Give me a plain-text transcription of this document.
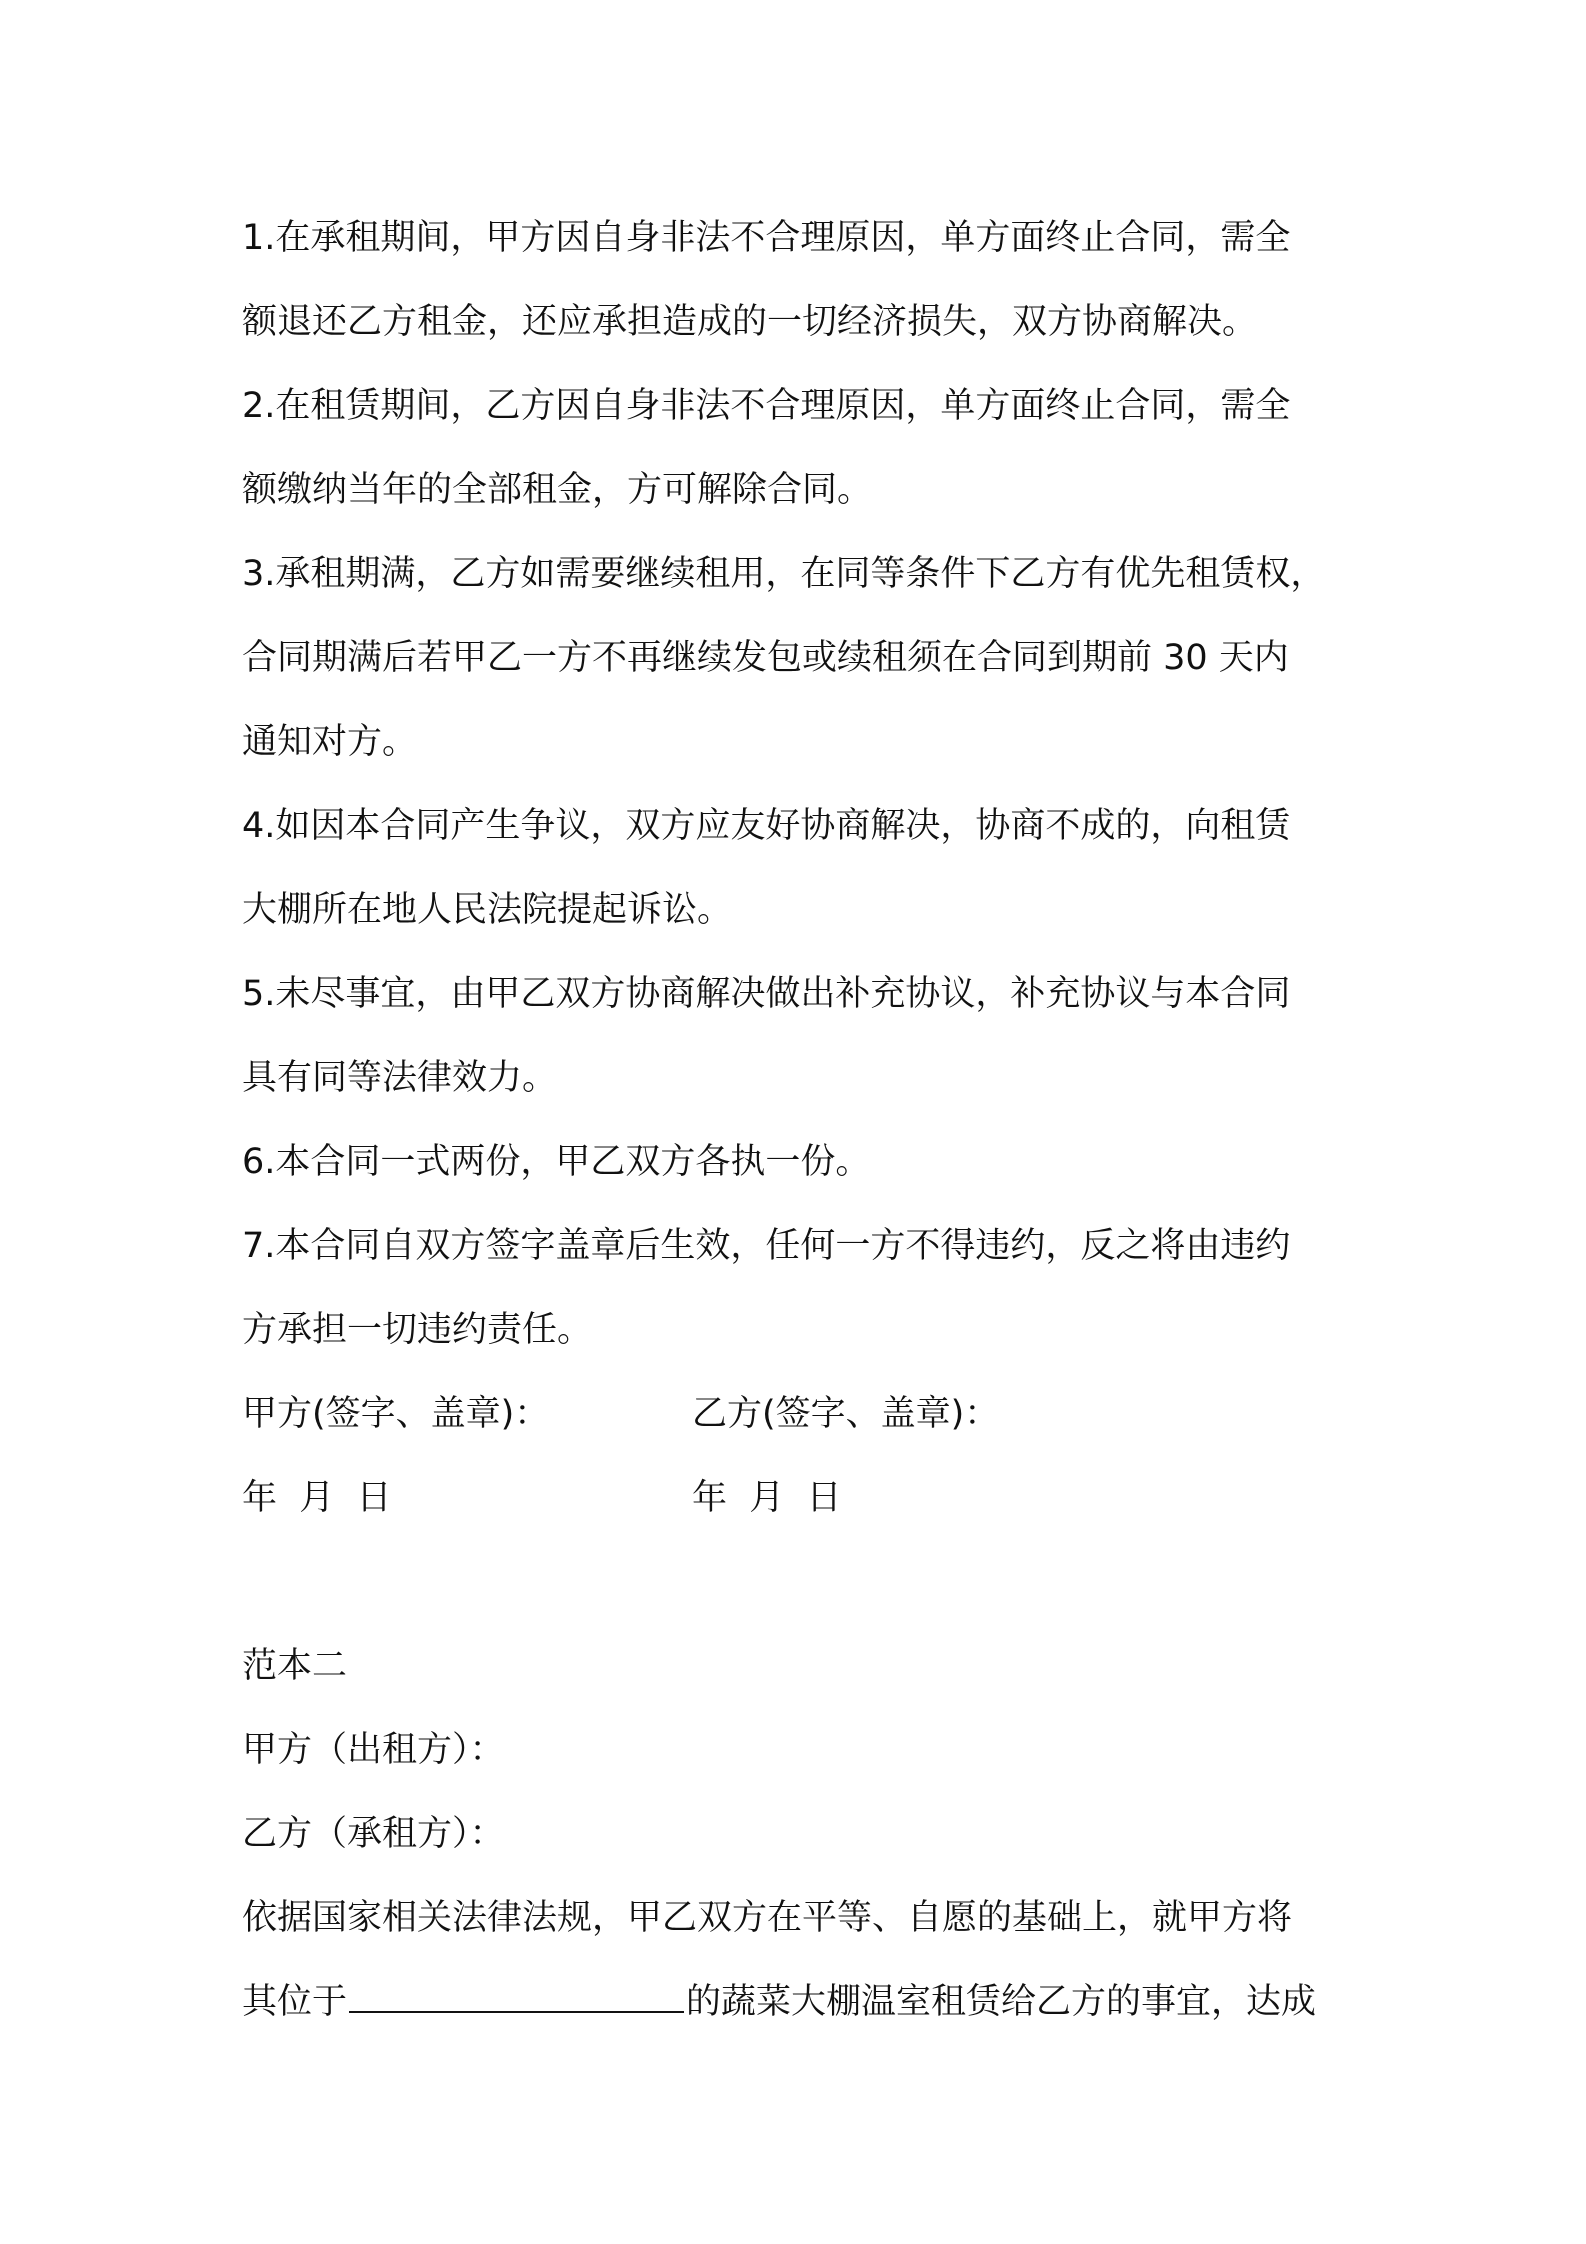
1.在承租期间，甲方因自身非法不合理原因，单方面终止合同，需全
额退还乙方租金，还应承担造成的一切经济损失，双方协商解决。
2.在租赁期间，乙方因自身非法不合理原因，单方面终止合同，需全
额缴纳当年的全部租金，方可解除合同。
3.承租期满，乙方如需要继续租用，在同等条件下乙方有优先租赁权，
合同期满后若甲乙一方不再继续发包或续租须在合同到期前 30 天内
通知对方。
4.如因本合同产生争议，双方应友好协商解决，协商不成的，向租赁
大棚所在地人民法院提起诉讼。
5.未尽事宜，由甲乙双方协商解决做出补充协议，补充协议与本合同
具有同等法律效力。
6.本合同一式两份，甲乙双方各执一份。
7.本合同自双方签字盖章后生效，任何一方不得违约，反之将由违约
方承担一切违约责任。
甲方(签字、盖章)：	乙方(签字、盖章)：
年  月  日	年  月  日
范本二
甲方（出租方）：
乙方（承租方）：
依据国家相关法律法规，甲乙双方在平等、自愿的基础上，就甲方将
其位于	的蔬菜大棚温室租赁给乙方的事宜，达成
